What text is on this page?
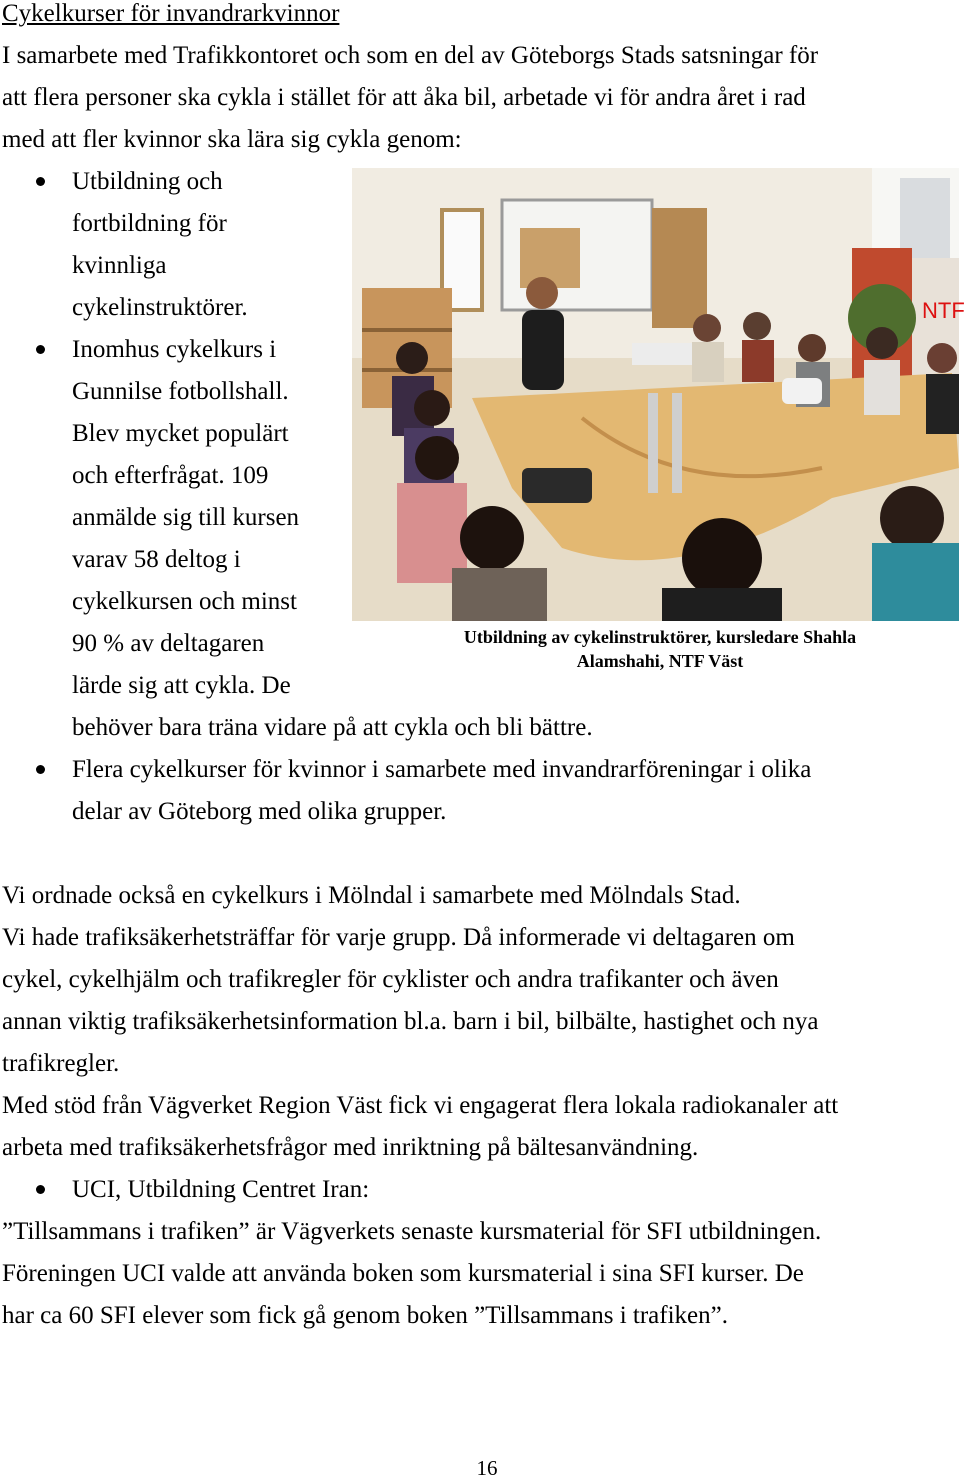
Cykelkurser för invandrarkvinnor
I samarbete med Trafikkontoret och som en del av Göteborgs Stads satsningar för
att flera personer ska cykla i stället för att åka bil, arbetade vi för andra året i rad
med att fler kvinnor ska lära sig cykla genom:
Utbildning och
fortbildning för
kvinnliga
cykelinstruktörer.
Inomhus cykelkurs i
Gunnilse fotbollshall.
Blev mycket populärt
och efterfrågat. 109
anmälde sig till kursen
varav 58 deltog i
cykelkursen och minst
90 % av deltagaren
lärde sig att cykla. De
behöver bara träna vidare på att cykla och bli bättre.
Flera cykelkurser för kvinnor i samarbete med invandrarföreningar i olika
delar av Göteborg med olika grupper.
NTF
Utbildning av cykelinstruktörer, kursledare Shahla
Alamshahi, NTF Väst
Vi ordnade också en cykelkurs i Mölndal i samarbete med Mölndals Stad.
Vi hade trafiksäkerhetsträffar för varje grupp. Då informerade vi deltagaren om
cykel, cykelhjälm och trafikregler för cyklister och andra trafikanter och även
annan viktig trafiksäkerhetsinformation bl.a. barn i bil, bilbälte, hastighet och nya
trafikregler.
Med stöd från Vägverket Region Väst fick vi engagerat flera lokala radiokanaler att
arbeta med trafiksäkerhetsfrågor med inriktning på bältesanvändning.
UCI, Utbildning Centret Iran:
”Tillsammans i trafiken” är Vägverkets senaste kursmaterial för SFI utbildningen.
Föreningen UCI valde att använda boken som kursmaterial i sina SFI kurser. De
har ca 60 SFI elever som fick gå genom boken ”Tillsammans i trafiken”.
16
